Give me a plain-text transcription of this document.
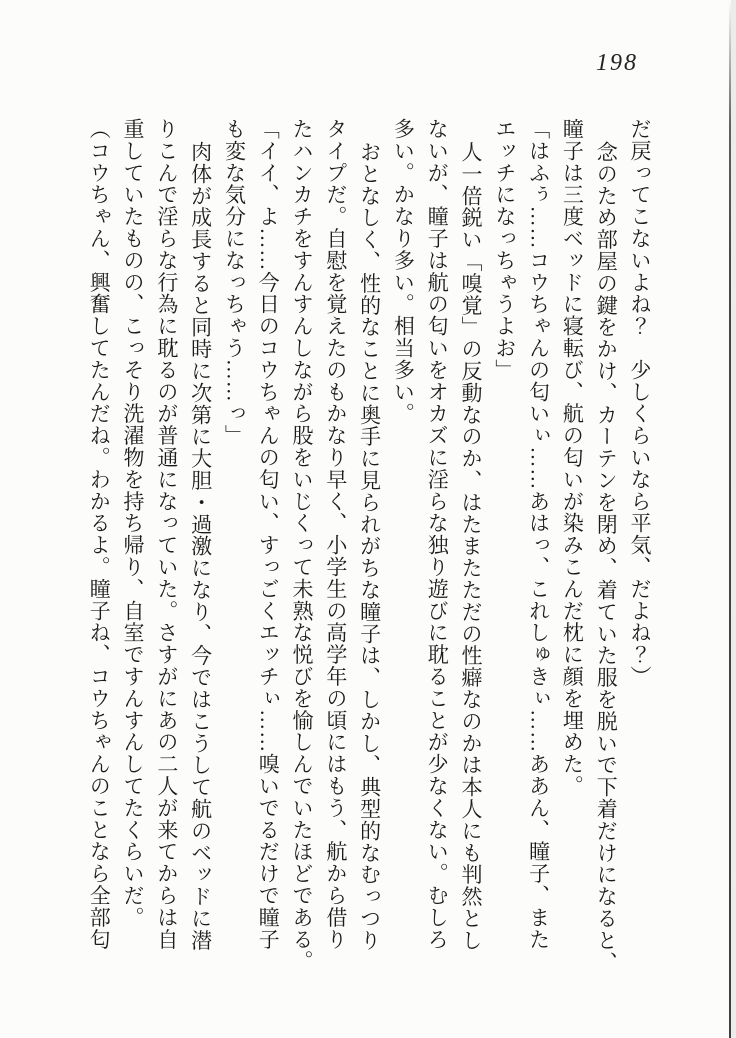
198
だ戻ってこないよね？　少しくらいなら平気、だよね？）
念のため部屋の鍵をかけ、カーテンを閉め、着ていた服を脱いで下着だけになると、
瞳子は三度ベッドに寝転び、航の匂いが染みこんだ枕に顔を埋めた。
「はふぅ……コウちゃんの匂いぃ……あはっ、これしゅきぃ……ああん、瞳子、また
エッチになっちゃうよお」
人一倍鋭い「嗅覚」の反動なのか、はたまたただの性癖なのかは本人にも判然とし
ないが、瞳子は航の匂いをオカズに淫らな独り遊びに耽ることが少なくない。むしろ
多い。かなり多い。相当多い。
おとなしく、性的なことに奥手に見られがちな瞳子は、しかし、典型的なむっつり
タイプだ。自慰を覚えたのもかなり早く、小学生の高学年の頃にはもう、航から借り
たハンカチをすんすんしながら股をいじくって未熟な悦びを愉しんでいたほどである。
「イイ、よ……今日のコウちゃんの匂い、すっごくエッチぃ……嗅いでるだけで瞳子
も変な気分になっちゃう……っ」
肉体が成長すると同時に次第に大胆・過激になり、今ではこうして航のベッドに潜
りこんで淫らな行為に耽るのが普通になっていた。さすがにあの二人が来てからは自
重していたものの、こっそり洗濯物を持ち帰り、自室ですんすんしてたくらいだ。
（コウちゃん、興奮してたんだね。わかるよ。瞳子ね、コウちゃんのことなら全部匂
